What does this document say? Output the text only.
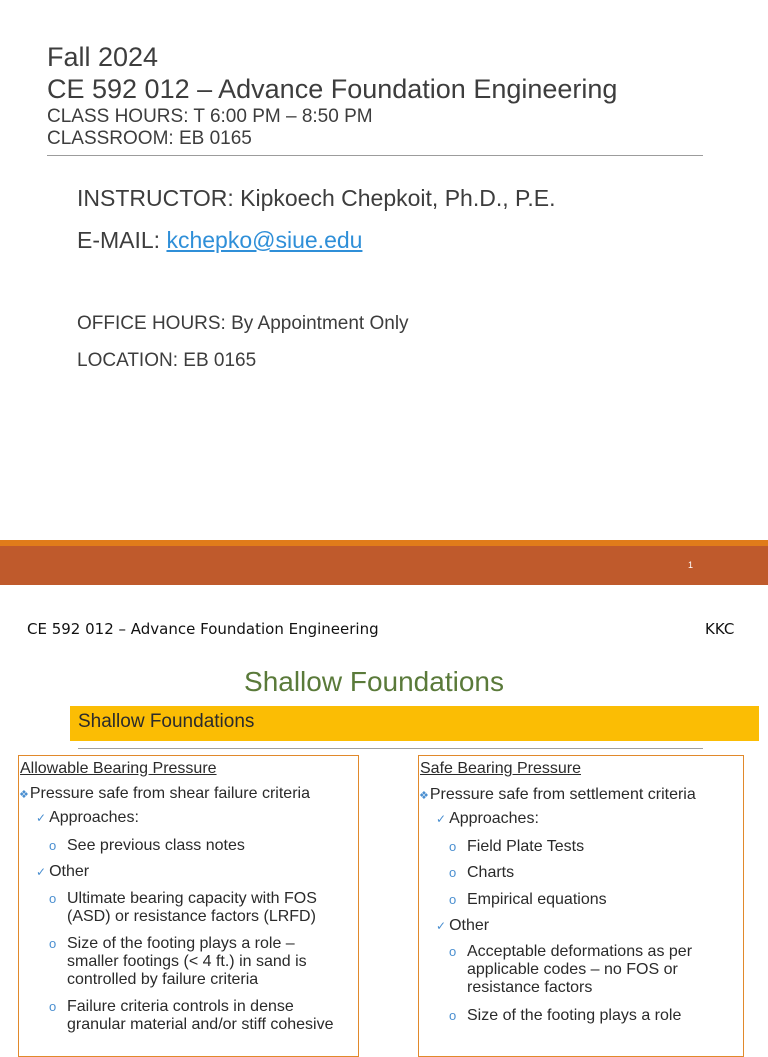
Fall 2024
CE 592 012 – Advance Foundation Engineering
CLASS HOURS: T 6:00 PM – 8:50 PM
CLASSROOM: EB 0165
INSTRUCTOR: Kipkoech Chepkoit, Ph.D., P.E.
E-MAIL: kchepko@siue.edu
OFFICE HOURS: By Appointment Only
LOCATION: EB 0165
1
CE 592 012 – Advance Foundation Engineering	KKC
Shallow Foundations
Shallow Foundations
Allowable Bearing Pressure
❖Pressure safe from shear failure criteria
✓ Approaches:
o See previous class notes
✓ Other
o Ultimate bearing capacity with FOS (ASD) or resistance factors (LRFD)
o Size of the footing plays a role – smaller footings (< 4 ft.) in sand is controlled by failure criteria
o Failure criteria controls in dense granular material and/or stiff cohesive
Safe Bearing Pressure
❖Pressure safe from settlement criteria
✓ Approaches:
o Field Plate Tests
o Charts
o Empirical equations
✓ Other
o Acceptable deformations as per applicable codes – no FOS or resistance factors
o Size of the footing plays a role
